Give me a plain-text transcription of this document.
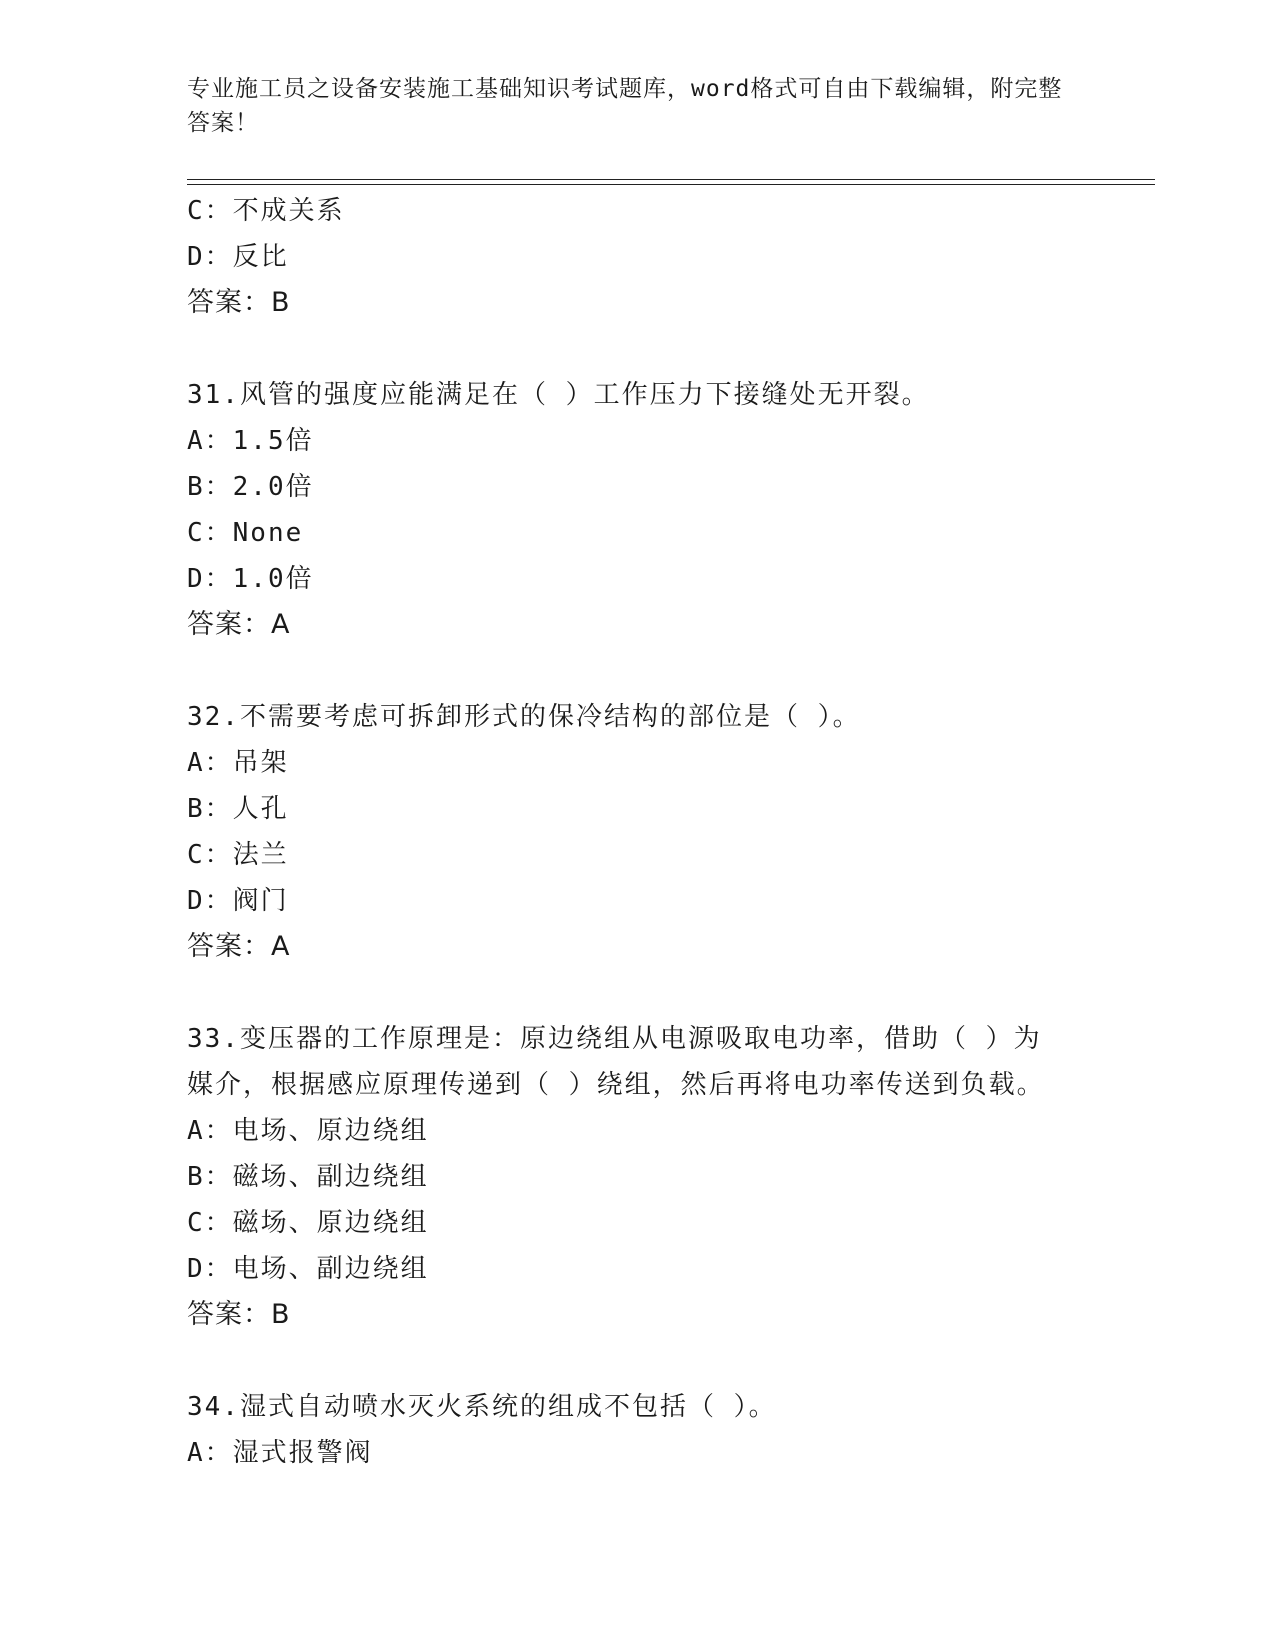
专业施工员之设备安装施工基础知识考试题库，word格式可自由下载编辑，附完整答案！
C：不成关系
D：反比
答案：B
31.风管的强度应能满足在（ ）工作压力下接缝处无开裂。
A：1.5倍
B：2.0倍
C：None
D：1.0倍
答案：A
32.不需要考虑可拆卸形式的保冷结构的部位是（ ）。
A：吊架
B：人孔
C：法兰
D：阀门
答案：A
33.变压器的工作原理是：原边绕组从电源吸取电功率，借助（ ）为
媒介，根据感应原理传递到（ ）绕组，然后再将电功率传送到负载。
A：电场、原边绕组
B：磁场、副边绕组
C：磁场、原边绕组
D：电场、副边绕组
答案：B
34.湿式自动喷水灭火系统的组成不包括（ ）。
A：湿式报警阀
